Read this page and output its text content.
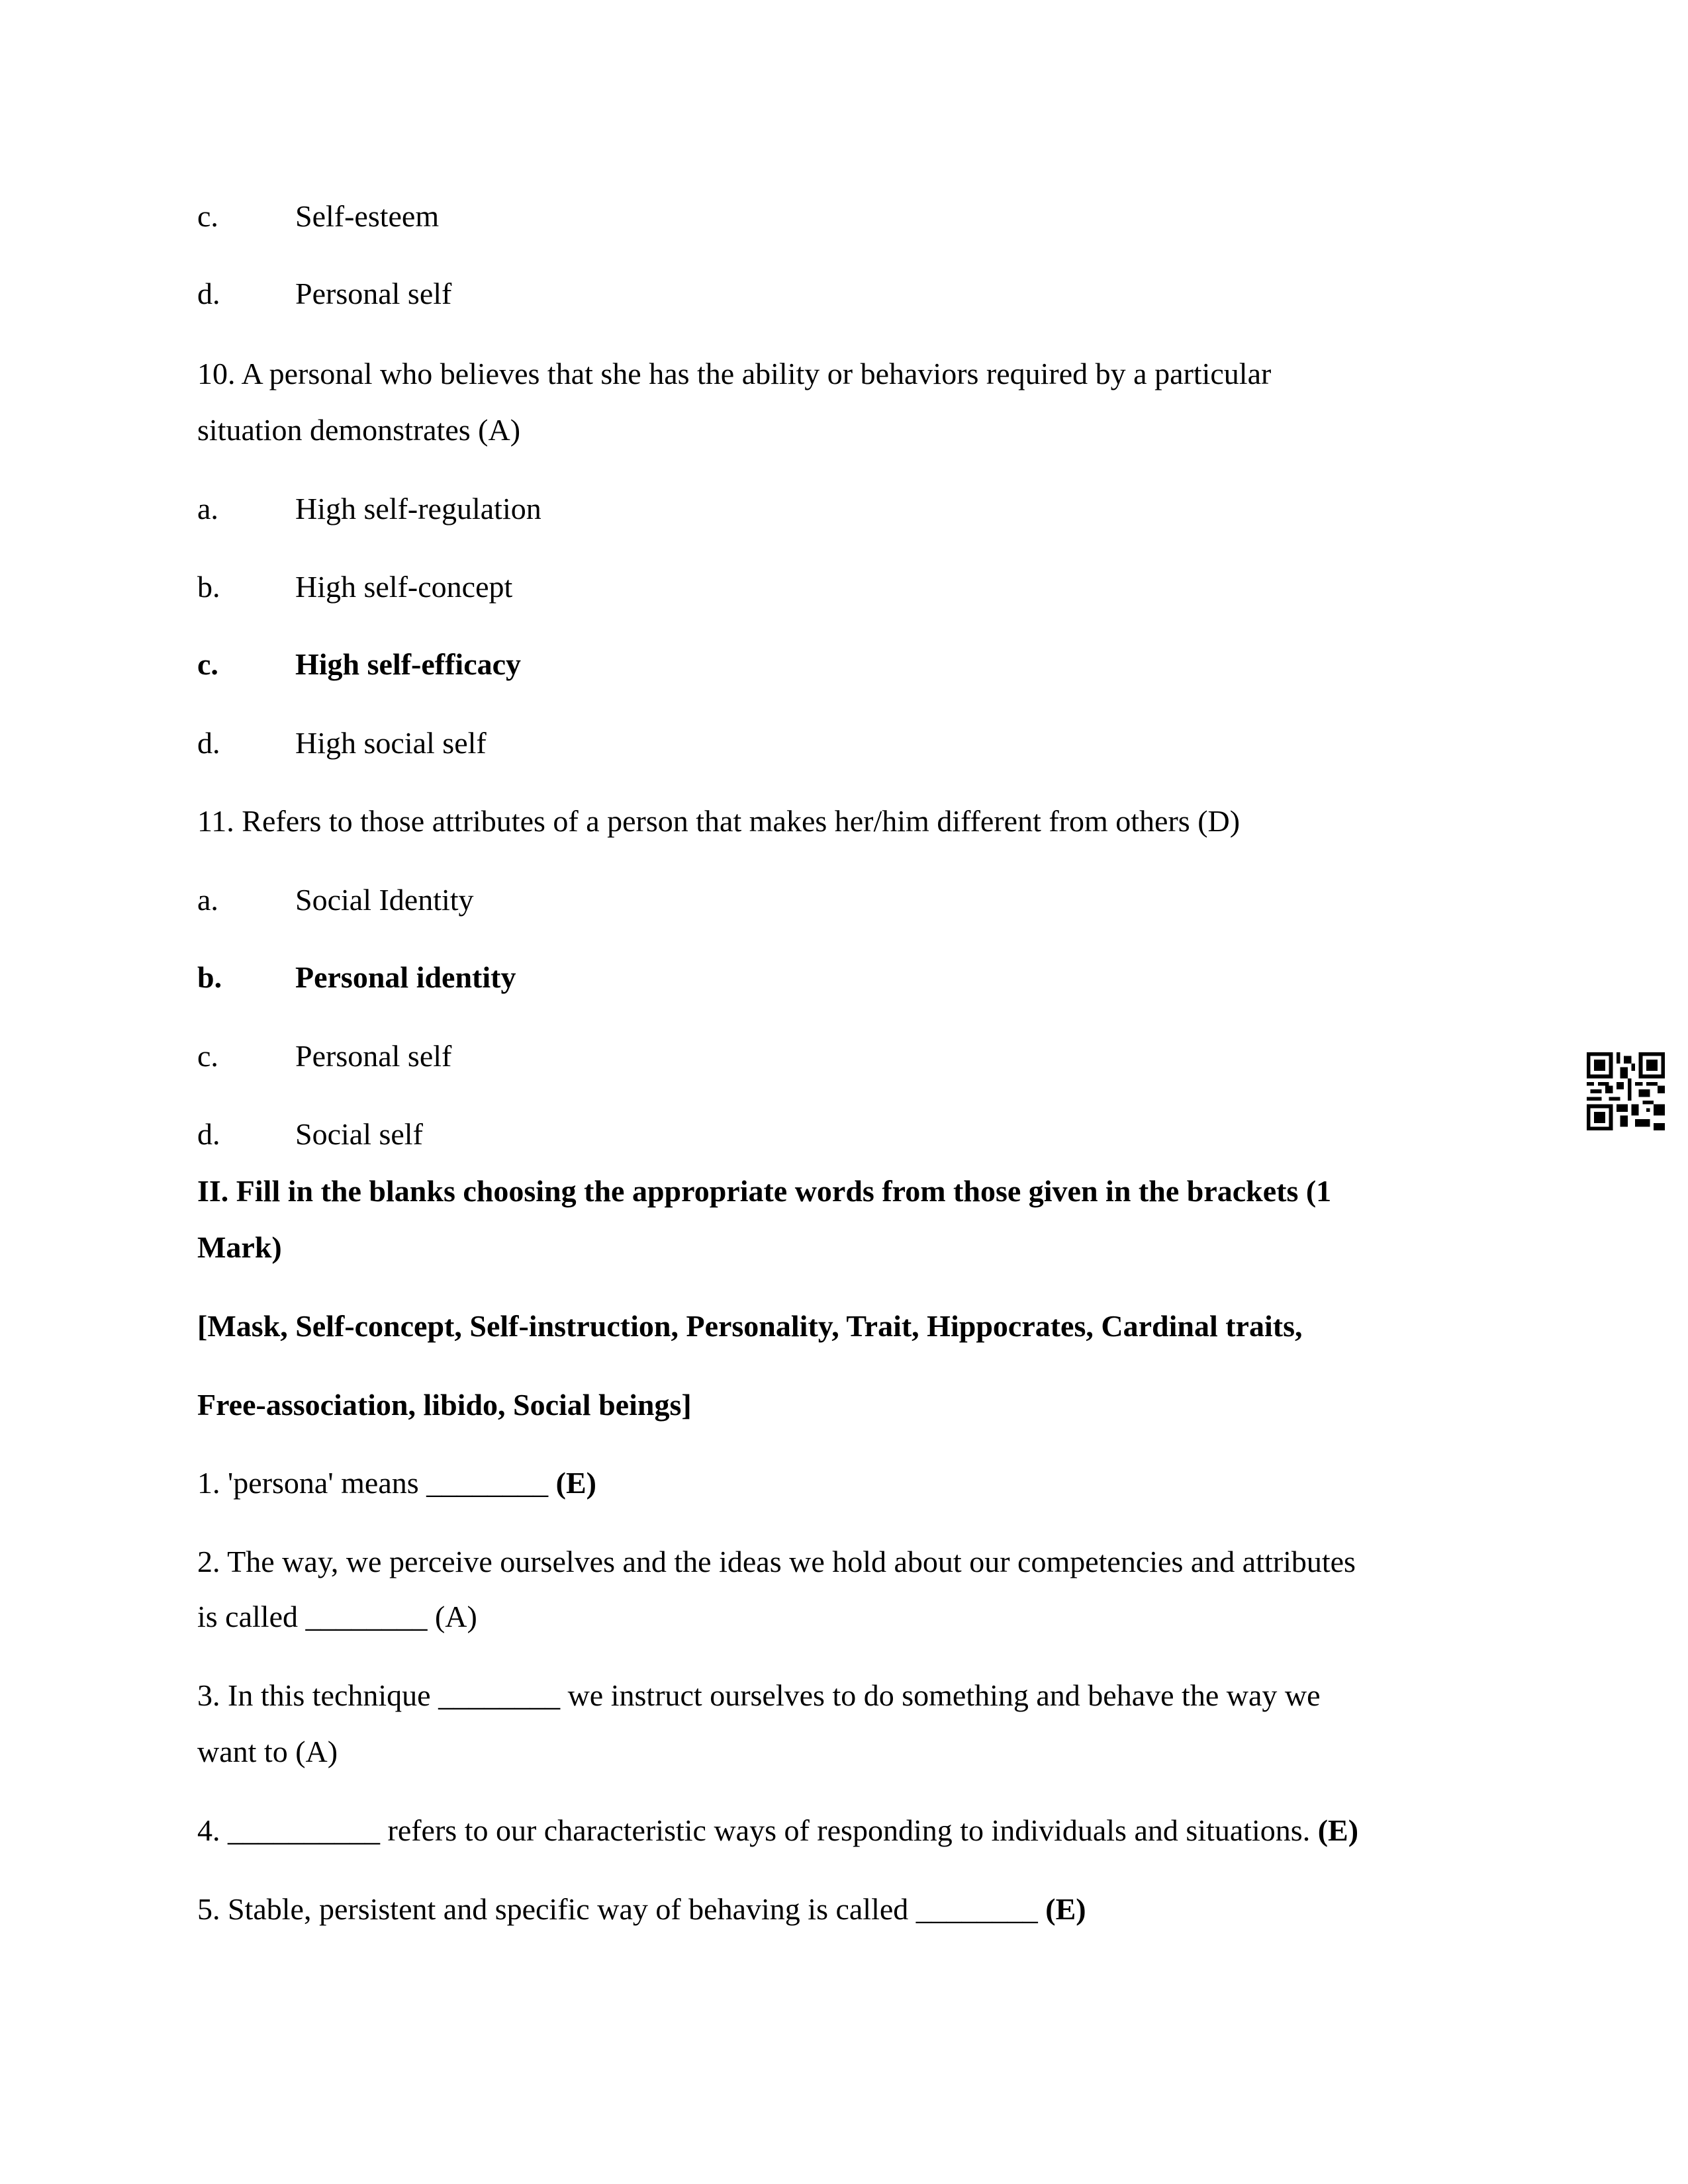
c.	Self-esteem
d. Personal self
10. A personal who believes that she has the ability or behaviors required by a particular
situation demonstrates (A)
a.	High self-regulation
b. High self-concept
c.	High self-efficacy
d. High social self
11. Refers to those attributes of a person that makes her/him different from others (D)
a.	Social Identity
b. Personal identity
c.	Personal self
d. Social self
II. Fill in the blanks choosing the appropriate words from those given in the brackets (1
Mark)
[Mask, Self-concept, Self-instruction, Personality, Trait, Hippocrates, Cardinal traits,
Free-association, libido, Social beings]
1. 'persona' means ________ (E)
2. The way, we perceive ourselves and the ideas we hold about our competencies and attributes
is called ________ (A)
3. In this technique ________ we instruct ourselves to do something and behave the way we
want to (A)
4. __________ refers to our characteristic ways of responding to individuals and situations. (E)
5. Stable, persistent and specific way of behaving is called ________ (E)
